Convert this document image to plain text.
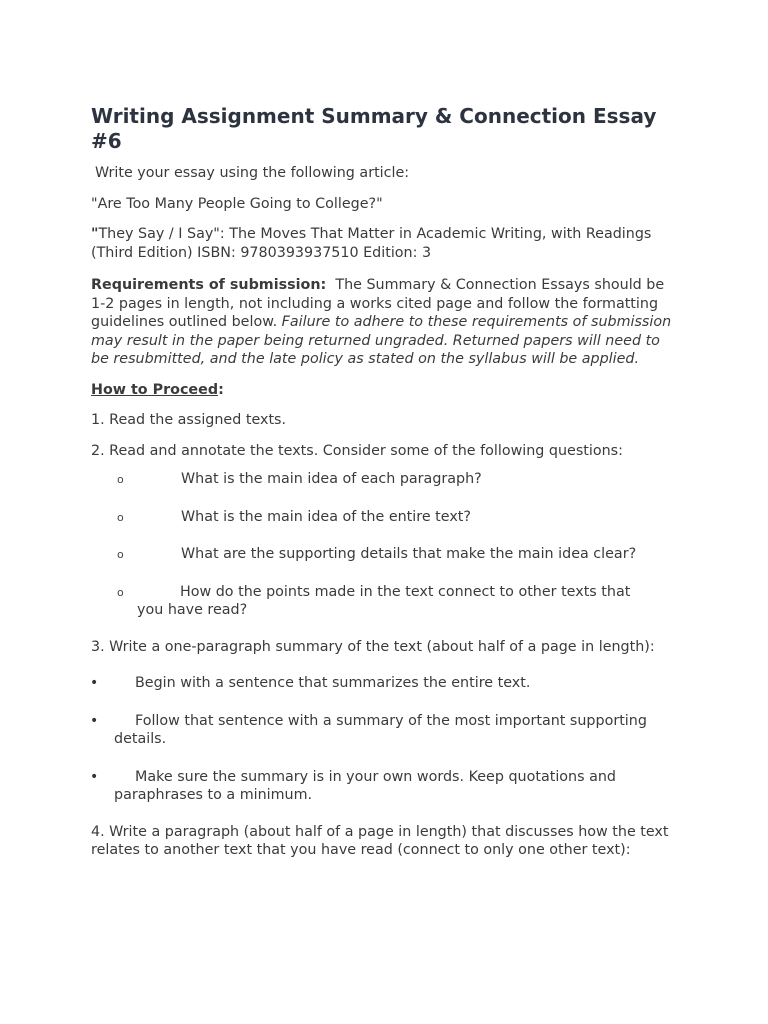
Writing Assignment Summary & Connection Essay #6

Write your essay using the following article:

"Are Too Many People Going to College?"

"They Say / I Say": The Moves That Matter in Academic Writing, with Readings (Third Edition) ISBN: 9780393937510 Edition: 3

Requirements of submission: The Summary & Connection Essays should be 1-2 pages in length, not including a works cited page and follow the formatting guidelines outlined below. Failure to adhere to these requirements of submission may result in the paper being returned ungraded. Returned papers will need to be resubmitted, and the late policy as stated on the syllabus will be applied.

How to Proceed:

1. Read the assigned texts.

2. Read and annotate the texts. Consider some of the following questions:

o	What is the main idea of each paragraph?
o	What is the main idea of the entire text?
o	What are the supporting details that make the main idea clear?
o	How do the points made in the text connect to other texts that
you have read?

3. Write a one-paragraph summary of the text (about half of a page in length):

•	Begin with a sentence that summarizes the entire text.
•	Follow that sentence with a summary of the most important supporting
details.
•	Make sure the summary is in your own words. Keep quotations and
paraphrases to a minimum.

4. Write a paragraph (about half of a page in length) that discusses how the text relates to another text that you have read (connect to only one other text):
